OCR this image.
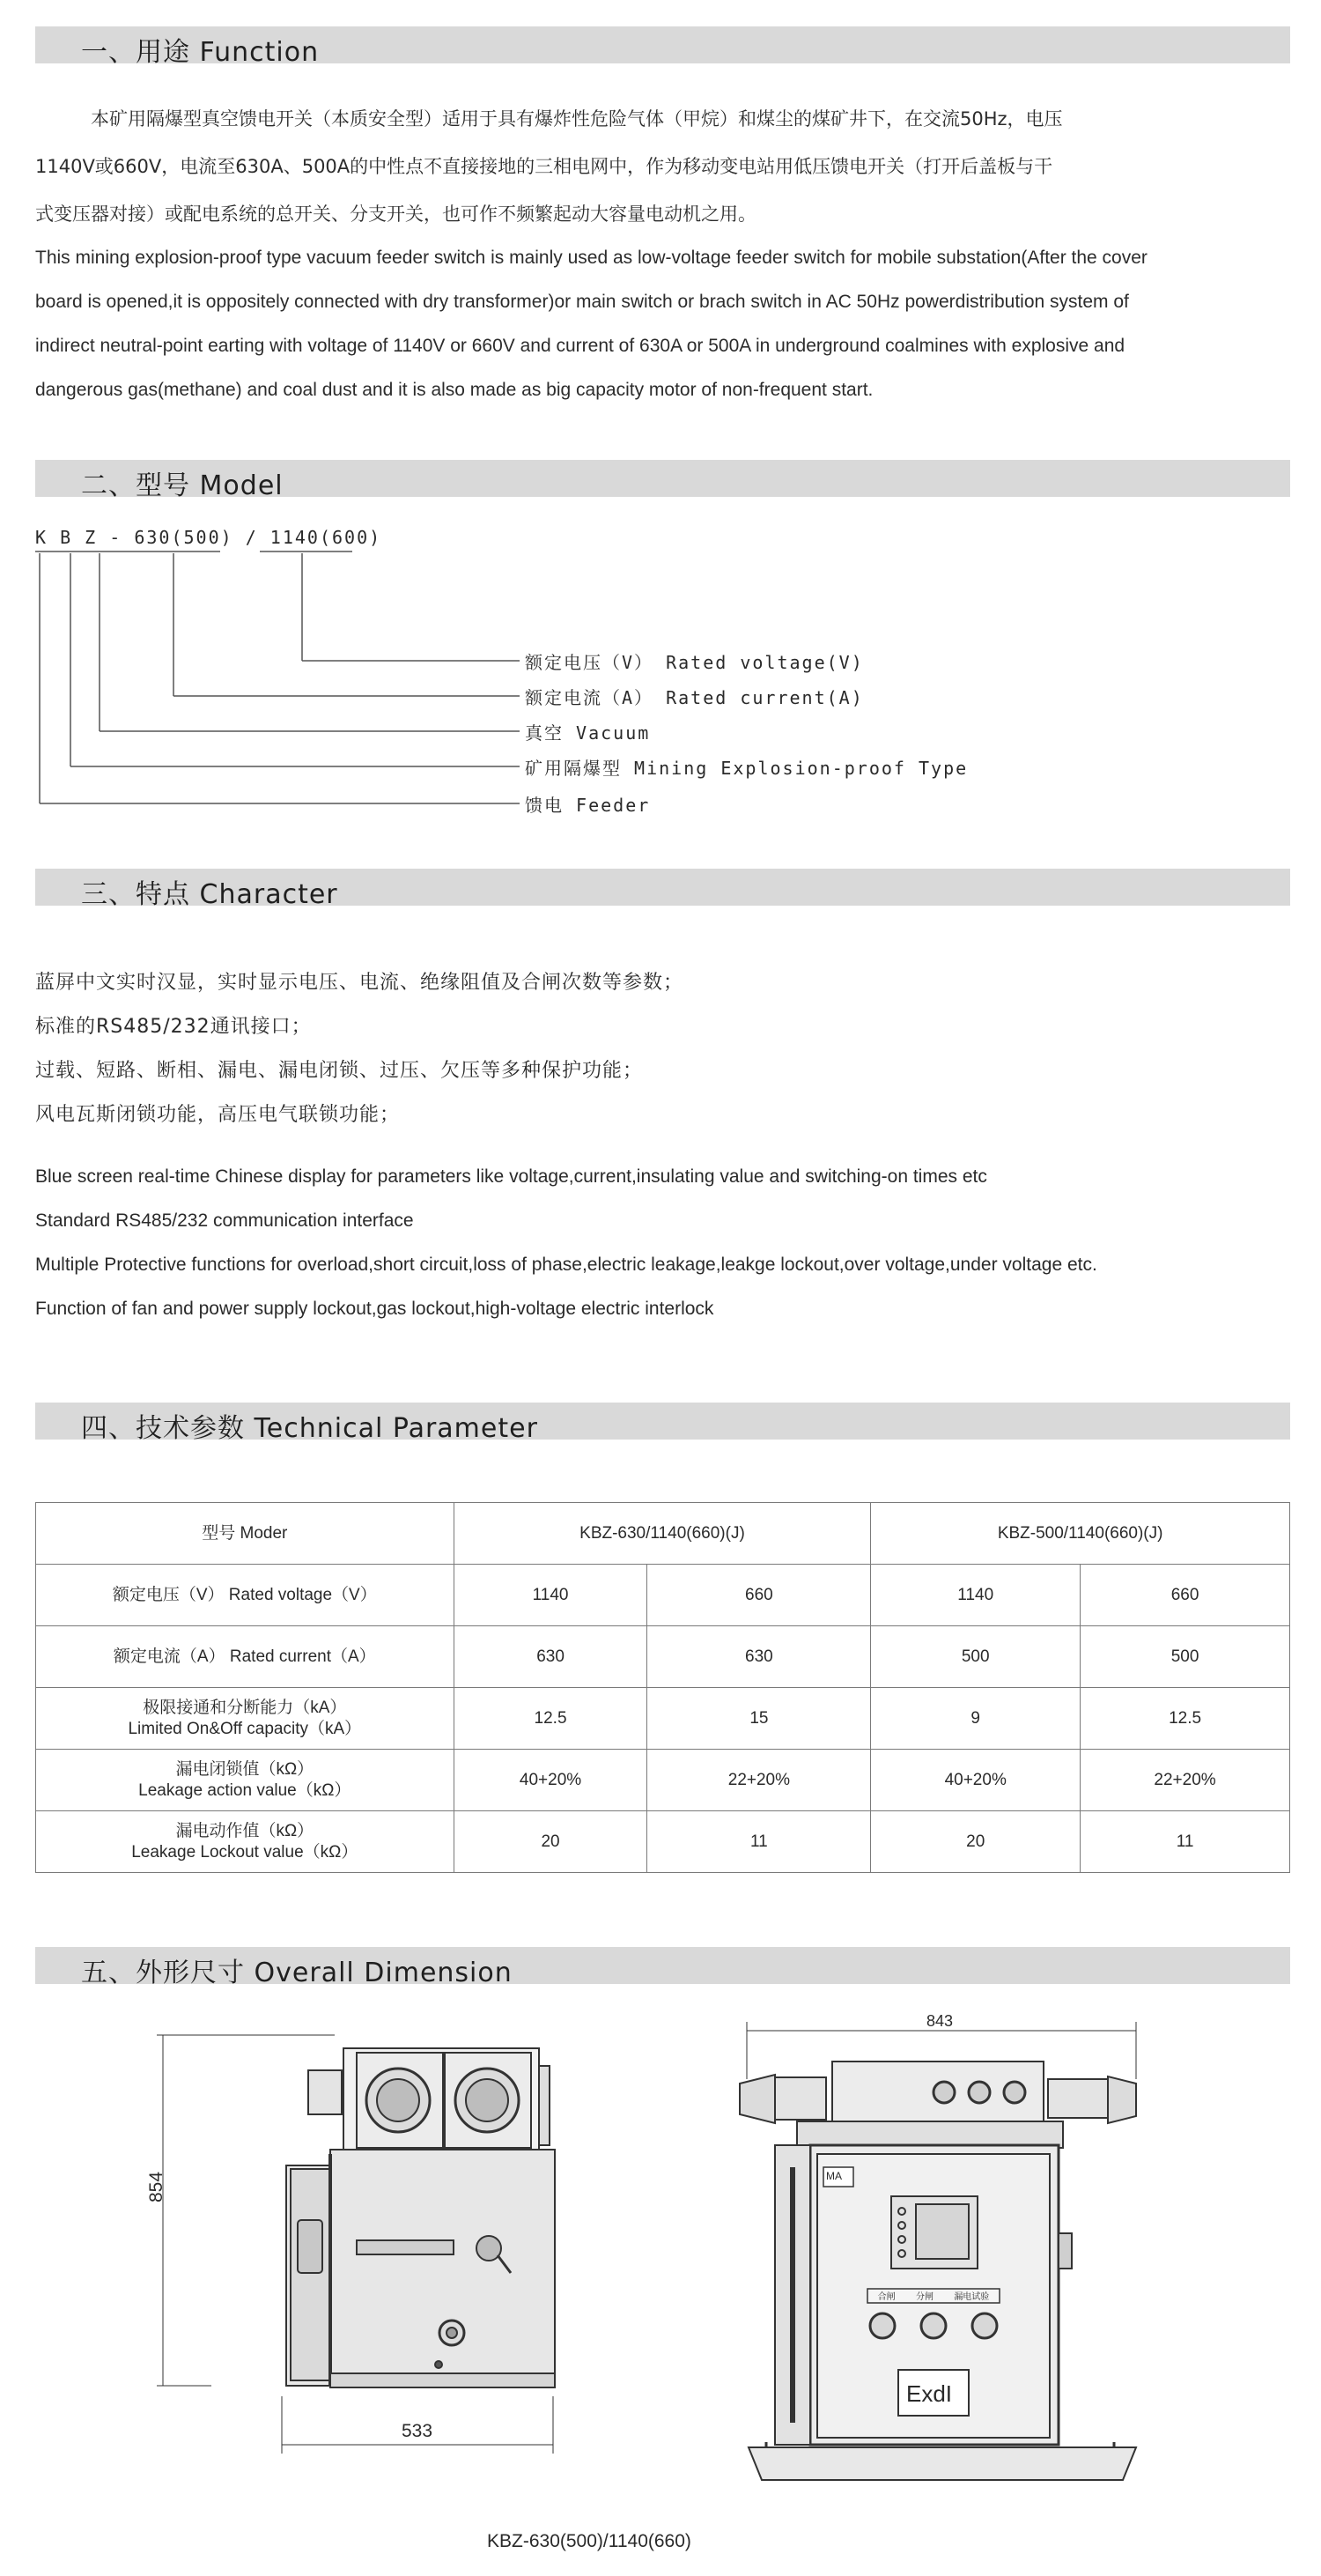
一、用途 Function
　　　本矿用隔爆型真空馈电开关（本质安全型）适用于具有爆炸性危险气体（甲烷）和煤尘的煤矿井下，在交流50Hz，电压
1140V或660V，电流至630A、500A的中性点不直接接地的三相电网中，作为移动变电站用低压馈电开关（打开后盖板与干
式变压器对接）或配电系统的总开关、分支开关，也可作不频繁起动大容量电动机之用。
This mining explosion-proof type vacuum feeder switch is mainly used as low-voltage feeder switch for mobile substation(After the cover
board is opened,it is oppositely connected with dry transformer)or main switch or brach switch in AC 50Hz powerdistribution system of
indirect neutral-point earting with voltage of 1140V or 660V and current of 630A or 500A in underground coalmines with explosive and
dangerous gas(methane) and coal dust and it is also made as big capacity motor of non-frequent start.
二、型号 Model
K B Z - 630(500) / 1140(600)
额定电压（V） Rated voltage(V)
额定电流（A） Rated current(A)
真空 Vacuum
矿用隔爆型 Mining Explosion-proof Type
馈电 Feeder
三、特点 Character
蓝屏中文实时汉显，实时显示电压、电流、绝缘阻值及合闸次数等参数；
标准的RS485/232通讯接口；
过载、短路、断相、漏电、漏电闭锁、过压、欠压等多种保护功能；
风电瓦斯闭锁功能，高压电气联锁功能；
Blue screen real-time Chinese display for parameters like voltage,current,insulating value and switching-on times etc
Standard RS485/232 communication interface
Multiple Protective functions for overload,short circuit,loss of phase,electric leakage,leakge lockout,over voltage,under voltage etc.
Function of fan and power supply lockout,gas lockout,high-voltage electric interlock
四、技术参数 Technical Parameter
型号 Moder	KBZ-630/1140(660)(J)		KBZ-500/1140(660)(J)	

额定电压（V） Rated voltage（V）	1140	660	1140	660

额定电流（A） Rated current（A）	630	630	500	500

极限接通和分断能力（kA）
Limited On&Off capacity（kA）	12.5	15	9	12.5

漏电闭锁值（kΩ）
Leakage action value（kΩ）	40+20%	22+20%	40+20%	22+20%

漏电动作值（kΩ）
Leakage Lockout value（kΩ）	20	11	20	11
五、外形尺寸 Overall Dimension
854
533
843
MA
合闸 分闸 漏电试验
ExdI
KBZ-630(500)/1140(660)
